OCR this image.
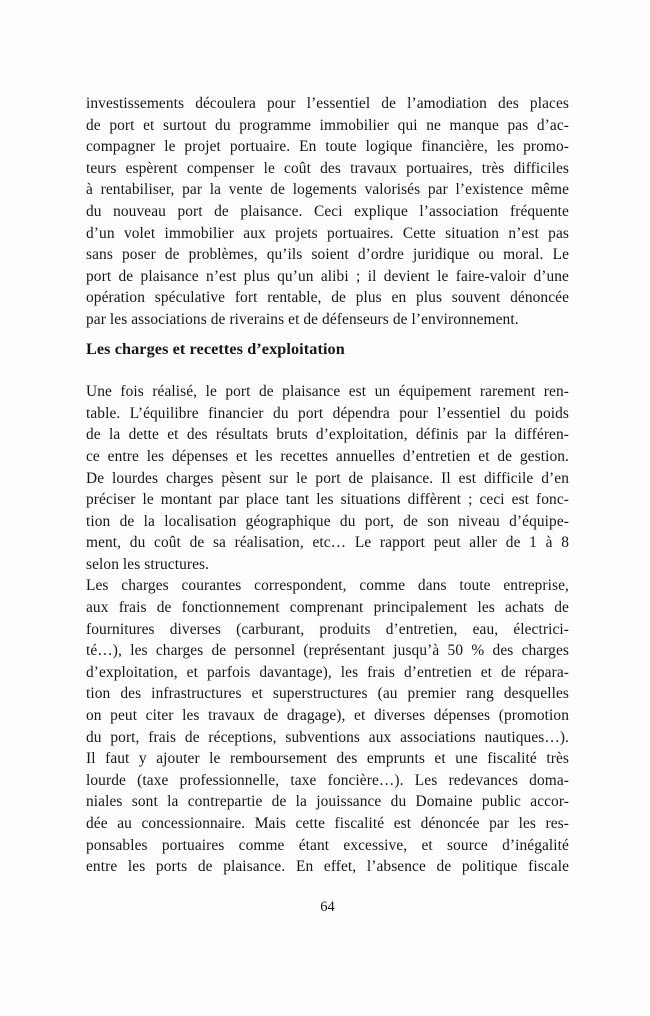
investissements découlera pour l’essentiel de l’amodiation des places
de port et surtout du programme immobilier qui ne manque pas d’ac-
compagner le projet portuaire. En toute logique financière, les promo-
teurs espèrent compenser le coût des travaux portuaires, très difficiles
à rentabiliser, par la vente de logements valorisés par l’existence même
du nouveau port de plaisance. Ceci explique l’association fréquente
d’un volet immobilier aux projets portuaires. Cette situation n’est pas
sans poser de problèmes, qu’ils soient d’ordre juridique ou moral. Le
port de plaisance n’est plus qu’un alibi ; il devient le faire-valoir d’une
opération spéculative fort rentable, de plus en plus souvent dénoncée
par les associations de riverains et de défenseurs de l’environnement.
Les charges et recettes d’exploitation
Une fois réalisé, le port de plaisance est un équipement rarement ren-
table. L’équilibre financier du port dépendra pour l’essentiel du poids
de la dette et des résultats bruts d’exploitation, définis par la différen-
ce entre les dépenses et les recettes annuelles d’entretien et de gestion.
De lourdes charges pèsent sur le port de plaisance. Il est difficile d’en
préciser le montant par place tant les situations diffèrent ; ceci est fonc-
tion de la localisation géographique du port, de son niveau d’équipe-
ment, du coût de sa réalisation, etc… Le rapport peut aller de 1 à 8
selon les structures.
Les charges courantes correspondent, comme dans toute entreprise,
aux frais de fonctionnement comprenant principalement les achats de
fournitures diverses (carburant, produits d’entretien, eau, électrici-
té…), les charges de personnel (représentant jusqu’à 50 % des charges
d’exploitation, et parfois davantage), les frais d’entretien et de répara-
tion des infrastructures et superstructures (au premier rang desquelles
on peut citer les travaux de dragage), et diverses dépenses (promotion
du port, frais de réceptions, subventions aux associations nautiques…).
Il faut y ajouter le remboursement des emprunts et une fiscalité très
lourde (taxe professionnelle, taxe foncière…). Les redevances doma-
niales sont la contrepartie de la jouissance du Domaine public accor-
dée au concessionnaire. Mais cette fiscalité est dénoncée par les res-
ponsables portuaires comme étant excessive, et source d’inégalité
entre les ports de plaisance. En effet, l’absence de politique fiscale
64
